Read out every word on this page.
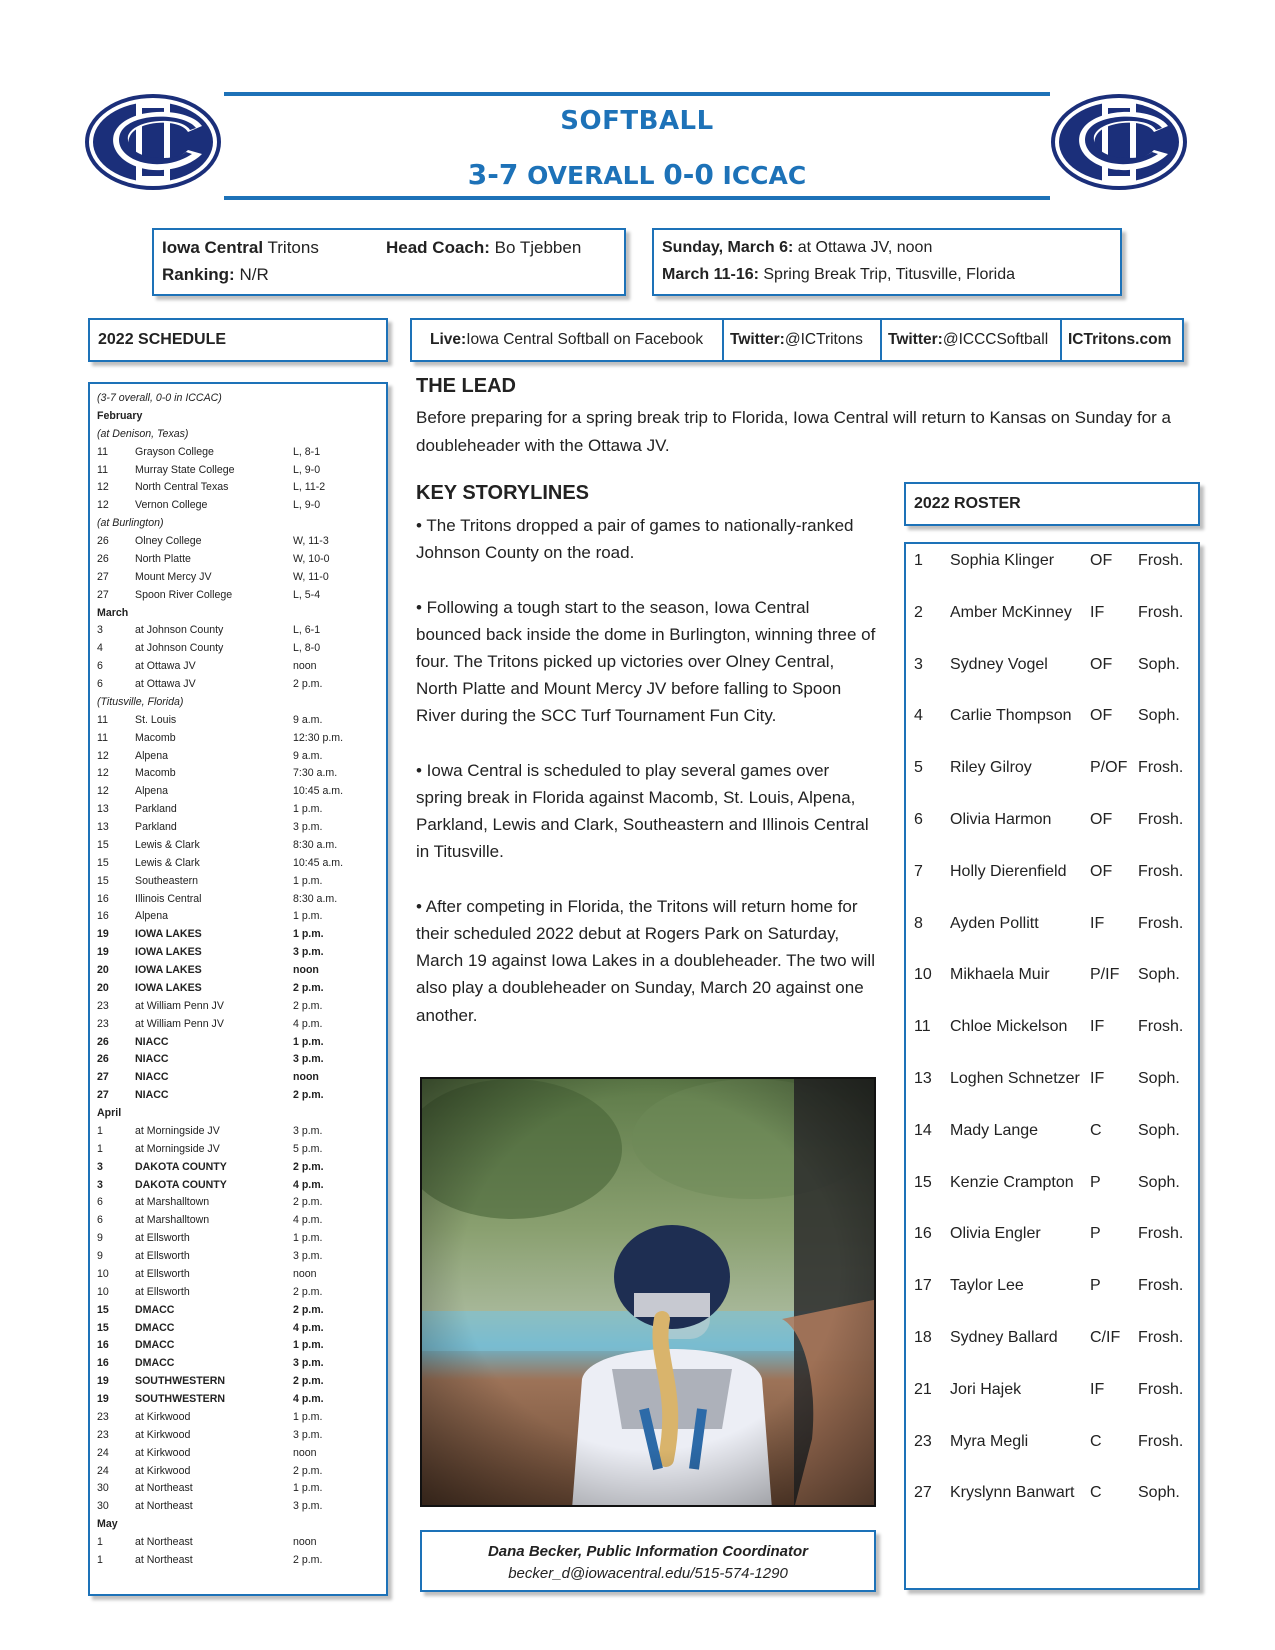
SOFTBALL
3-7 OVERALL 0-0 ICCAC
Iowa Central Tritons	Head Coach: Bo Tjebben
Ranking: N/R
Sunday, March 6: at Ottawa JV, noon
March 11-16: Spring Break Trip, Titusville, Florida
2022 SCHEDULE	Live: Iowa Central Softball on Facebook Twitter: @ICTritons Twitter: @ICCCSoftball	ICTritons.com
(3-7 overall, 0-0 in ICCAC)
February
(at Denison, Texas)
11	Grayson College	L, 8-1
11	Murray State College	L, 9-0
12 North Central Texas	L, 11-2
12 Vernon College	L, 9-0
(at Burlington)
26 Olney College	W, 11-3
26 North Platte	W, 10-0
27 Mount Mercy JV	W, 11-0
27 Spoon River College	L, 5-4
March
3	at Johnson County	L, 6-1
4	at Johnson County	L, 8-0
6	at Ottawa JV	noon
6	at Ottawa JV	2 p.m.
(Titusville, Florida)
11	St. Louis	9 a.m.
11	Macomb	12:30 p.m.
12 Alpena	9 a.m.
12 Macomb	7:30 a.m.
12 Alpena	10:45 a.m.
13 Parkland	1 p.m.
13 Parkland	3 p.m.
15 Lewis & Clark	8:30 a.m.
15 Lewis & Clark	10:45 a.m.
15 Southeastern	1 p.m.
16 Illinois Central	8:30 a.m.
16 Alpena	1 p.m.
19 IOWA LAKES	1 p.m.
19 IOWA LAKES	3 p.m.
20 IOWA LAKES	noon
20 IOWA LAKES	2 p.m.
23 at William Penn JV	2 p.m.
23 at William Penn JV	4 p.m.
26 NIACC	1 p.m.
26 NIACC	3 p.m.
27 NIACC	noon
27 NIACC	2 p.m.
April
1	at Morningside JV	3 p.m.
1	at Morningside JV	5 p.m.
3	DAKOTA COUNTY	2 p.m.
3	DAKOTA COUNTY	4 p.m.
6	at Marshalltown	2 p.m.
6	at Marshalltown	4 p.m.
9	at Ellsworth	1 p.m.
9	at Ellsworth	3 p.m.
10 at Ellsworth	noon
10 at Ellsworth	2 p.m.
15 DMACC	2 p.m.
15 DMACC	4 p.m.
16 DMACC	1 p.m.
16 DMACC	3 p.m.
19 SOUTHWESTERN	2 p.m.
19 SOUTHWESTERN	4 p.m.
23 at Kirkwood	1 p.m.
23 at Kirkwood	3 p.m.
24 at Kirkwood	noon
24 at Kirkwood	2 p.m.
30 at Northeast	1 p.m.
30 at Northeast	3 p.m.
May
1	at Northeast	noon
1	at Northeast	2 p.m.
THE LEAD
Before preparing for a spring break trip to Florida, Iowa Central will return to Kansas on Sunday for a doubleheader with the Ottawa JV.
KEY STORYLINES

• The Tritons dropped a pair of games to nationally-ranked Johnson County on the road.

• Following a tough start to the season, Iowa Central bounced back inside the dome in Burlington, winning three of four. The Tritons picked up victories over Olney Central, North Platte and Mount Mercy JV before falling to Spoon River during the SCC Turf Tournament Fun City.

• Iowa Central is scheduled to play several games over spring break in Florida against Macomb, St. Louis, Alpena, Parkland, Lewis and Clark, Southeastern and Illinois Central in Titusville.

• After competing in Florida, the Tritons will return home for their scheduled 2022 debut at Rogers Park on Saturday, March 19 against Iowa Lakes in a doubleheader. The two will also play a doubleheader on Sunday, March 20 against one another.

Dana Becker, Public Information Coordinator
becker_d@iowacentral.edu/515-574-1290
2022 ROSTER
1 Sophia Klinger OF Frosh.
2 Amber McKinney IF Frosh.
3 Sydney Vogel	OF Soph.
4 Carlie Thompson OF Soph.
5 Riley Gilroy	P/OF Frosh.
6 Olivia Harmon OF Frosh.
7 Holly Dierenfield OF Frosh.
8 Ayden Pollitt	IF Frosh.
10 Mikhaela Muir	P/IF Soph.
11 Chloe Mickelson IF Frosh.
13 Loghen Schnetzer IF Soph.
14 Mady Lange	C Soph.
15 Kenzie Crampton P Soph.
16 Olivia Engler	P Frosh.
17 Taylor Lee	P Frosh.
18 Sydney Ballard C/IF Frosh.
21 Jori Hajek	IF Frosh.
23 Myra Megli	C Frosh.
27 Kryslynn Banwart C Soph.
